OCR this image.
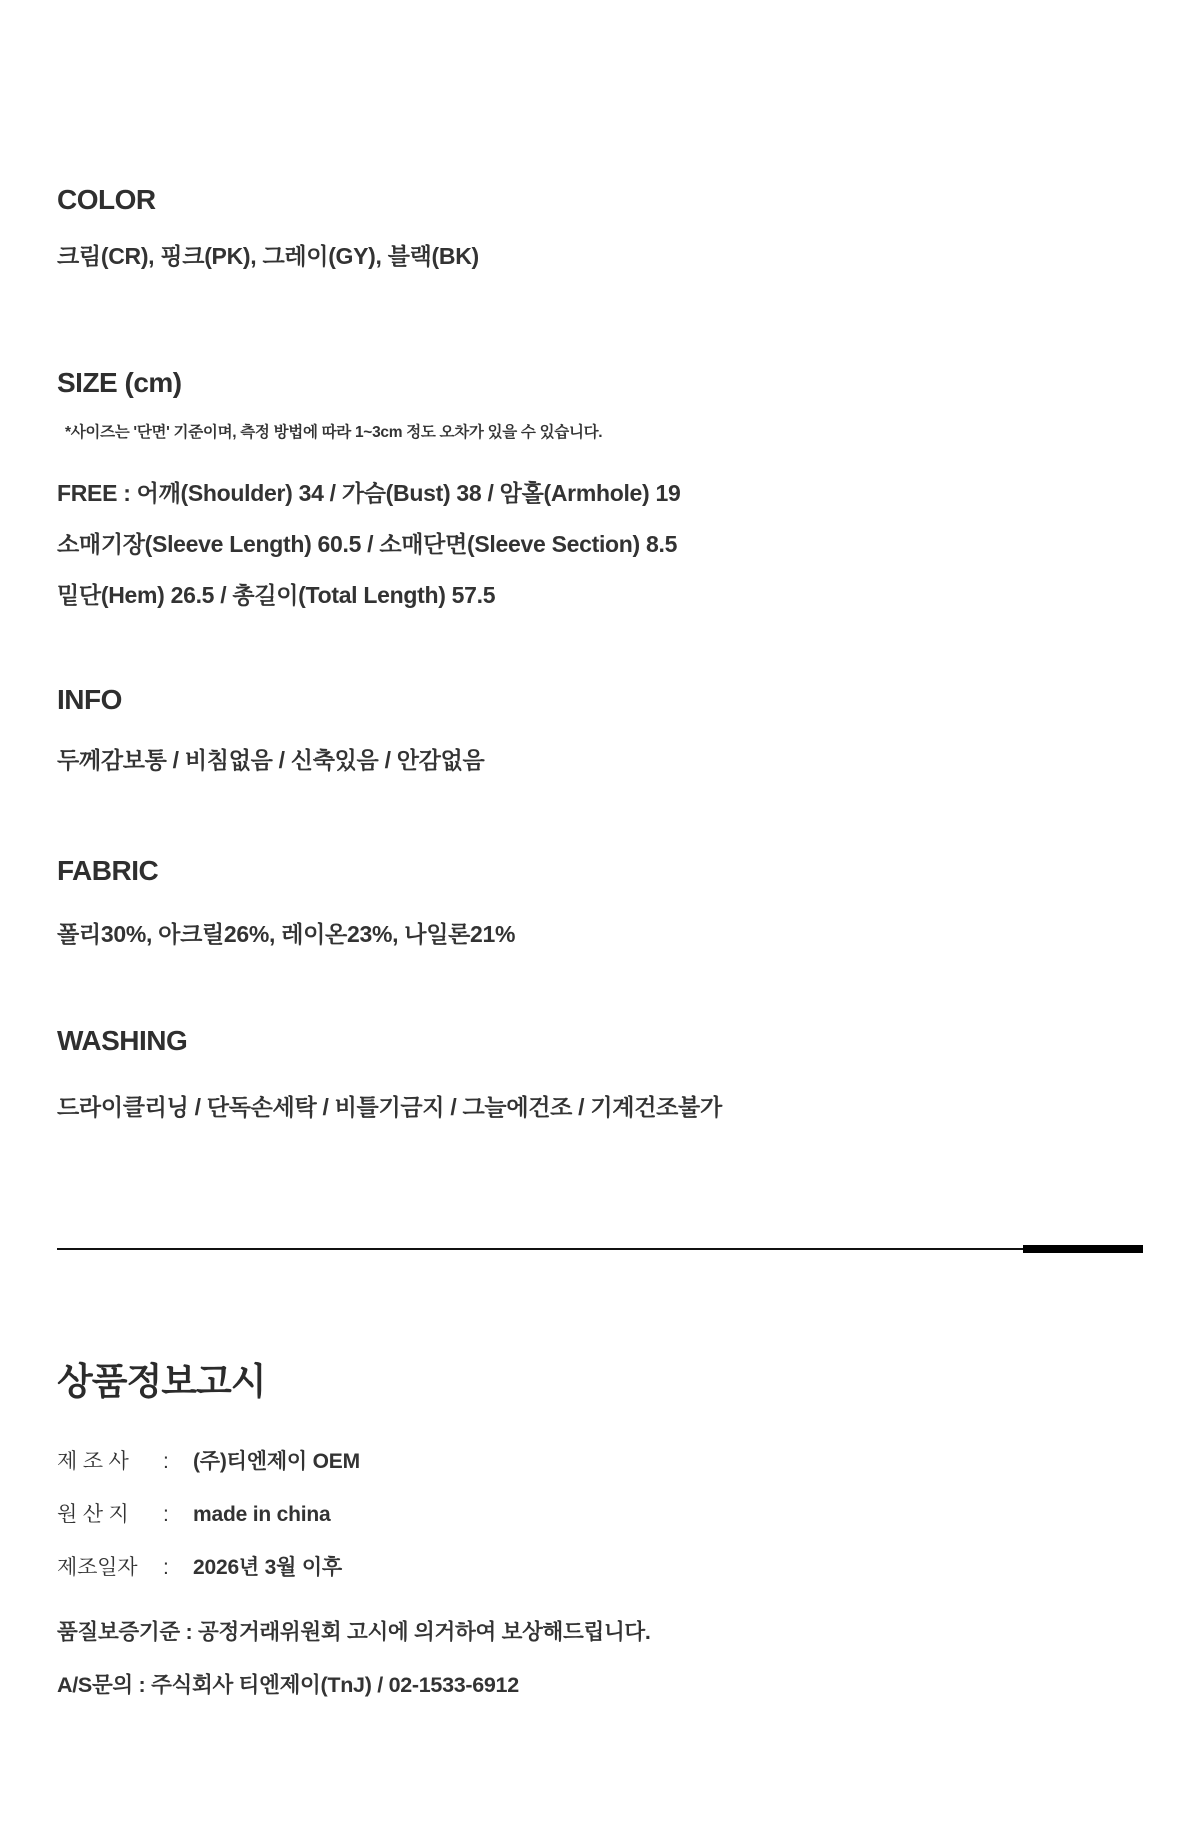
COLOR

크림(CR), 핑크(PK), 그레이(GY), 블랙(BK)

SIZE (cm)

*사이즈는 '단면' 기준이며, 측정 방법에 따라 1~3cm 정도 오차가 있을 수 있습니다.

FREE : 어깨(Shoulder) 34 / 가슴(Bust) 38 / 암홀(Armhole) 19

소매기장(Sleeve Length) 60.5 / 소매단면(Sleeve Section) 8.5

밑단(Hem) 26.5 / 총길이(Total Length) 57.5

INFO

두께감보통 / 비침없음 / 신축있음 / 안감없음

FABRIC

폴리30%, 아크릴26%, 레이온23%, 나일론21%

WASHING

드라이클리닝 / 단독손세탁 / 비틀기금지 / 그늘에건조 / 기계건조불가

상품정보고시
제 조 사	:	(주)티엔제이 OEM
원 산 지	:	made in china
제조일자	:	2026년 3월 이후

품질보증기준 : 공정거래위원회 고시에 의거하여 보상해드립니다.

A/S문의 : 주식회사 티엔제이(TnJ) / 02-1533-6912
